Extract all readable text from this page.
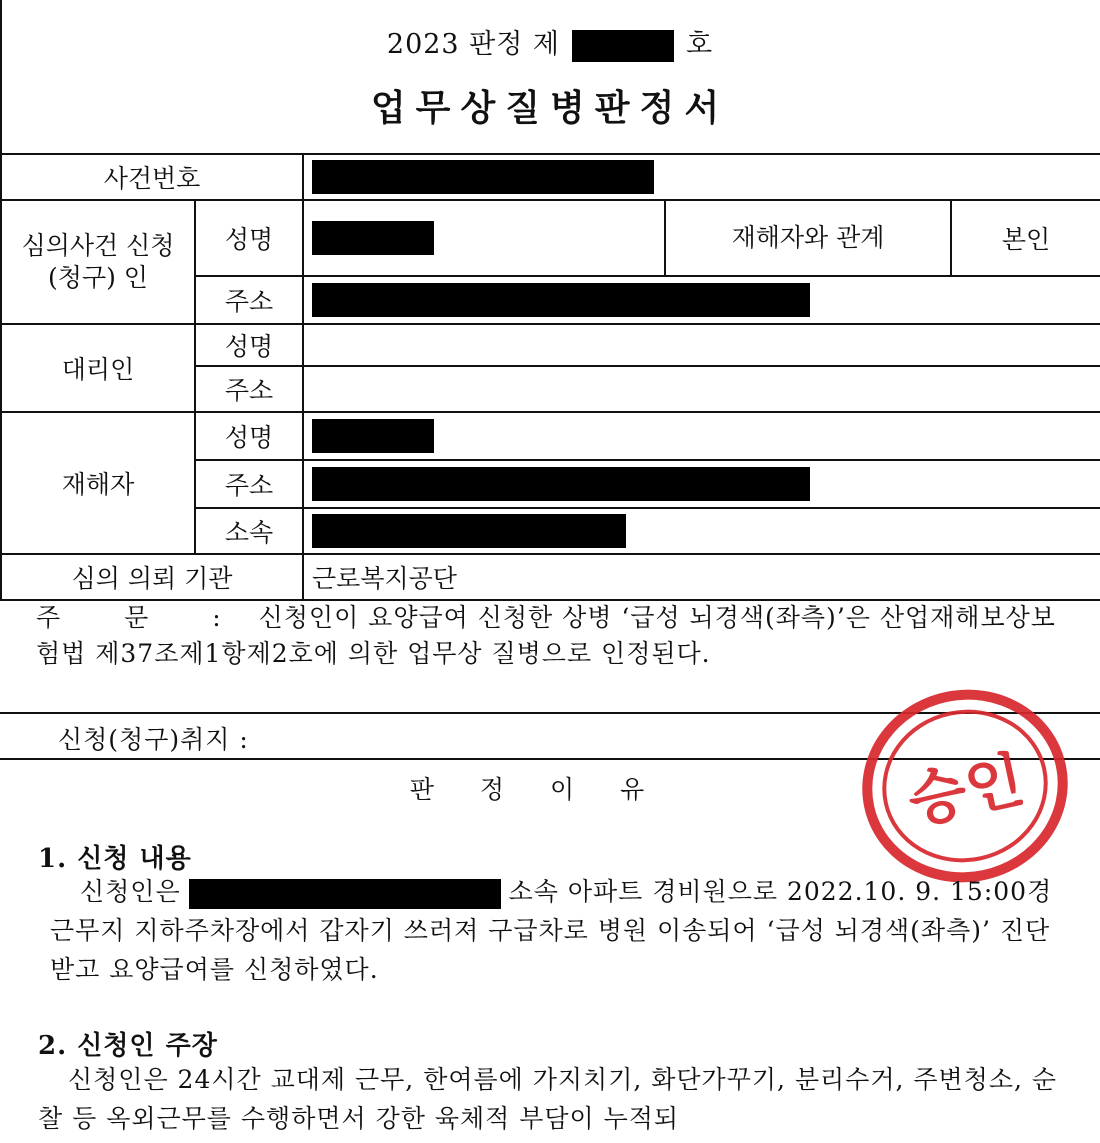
2023 판정 제	호
업무상질병판정서
사건번호				

심의사건 신청(청구) 인	성명		재해자와 관계	본인
	주소			

대리인	성명			
	주소			
재해자	성명			

	주소			

	소속			

심의 의뢰 기관		근로복지공단		
주 문 : 신청인이 요양급여 신청한 상병 ‘급성 뇌경색(좌측)’은 산업재해보상보험법 제37조제1항제2호에 의한 업무상 질병으로 인정된다.
신청(청구)취지 :
판정이유	승인
1. 신청 내용
신청인은	소속 아파트 경비원으로 2022.10. 9. 15:00경 근무지 지하주차장에서 갑자기 쓰러져 구급차로 병원 이송되어 ‘급성 뇌경색(좌측)’ 진단받고 요양급여를 신청하였다.
2. 신청인 주장
신청인은 24시간 교대제 근무, 한여름에 가지치기, 화단가꾸기, 분리수거, 주변청소, 순찰 등 옥외근무를 수행하면서 강한 육체적 부담이 누적되
